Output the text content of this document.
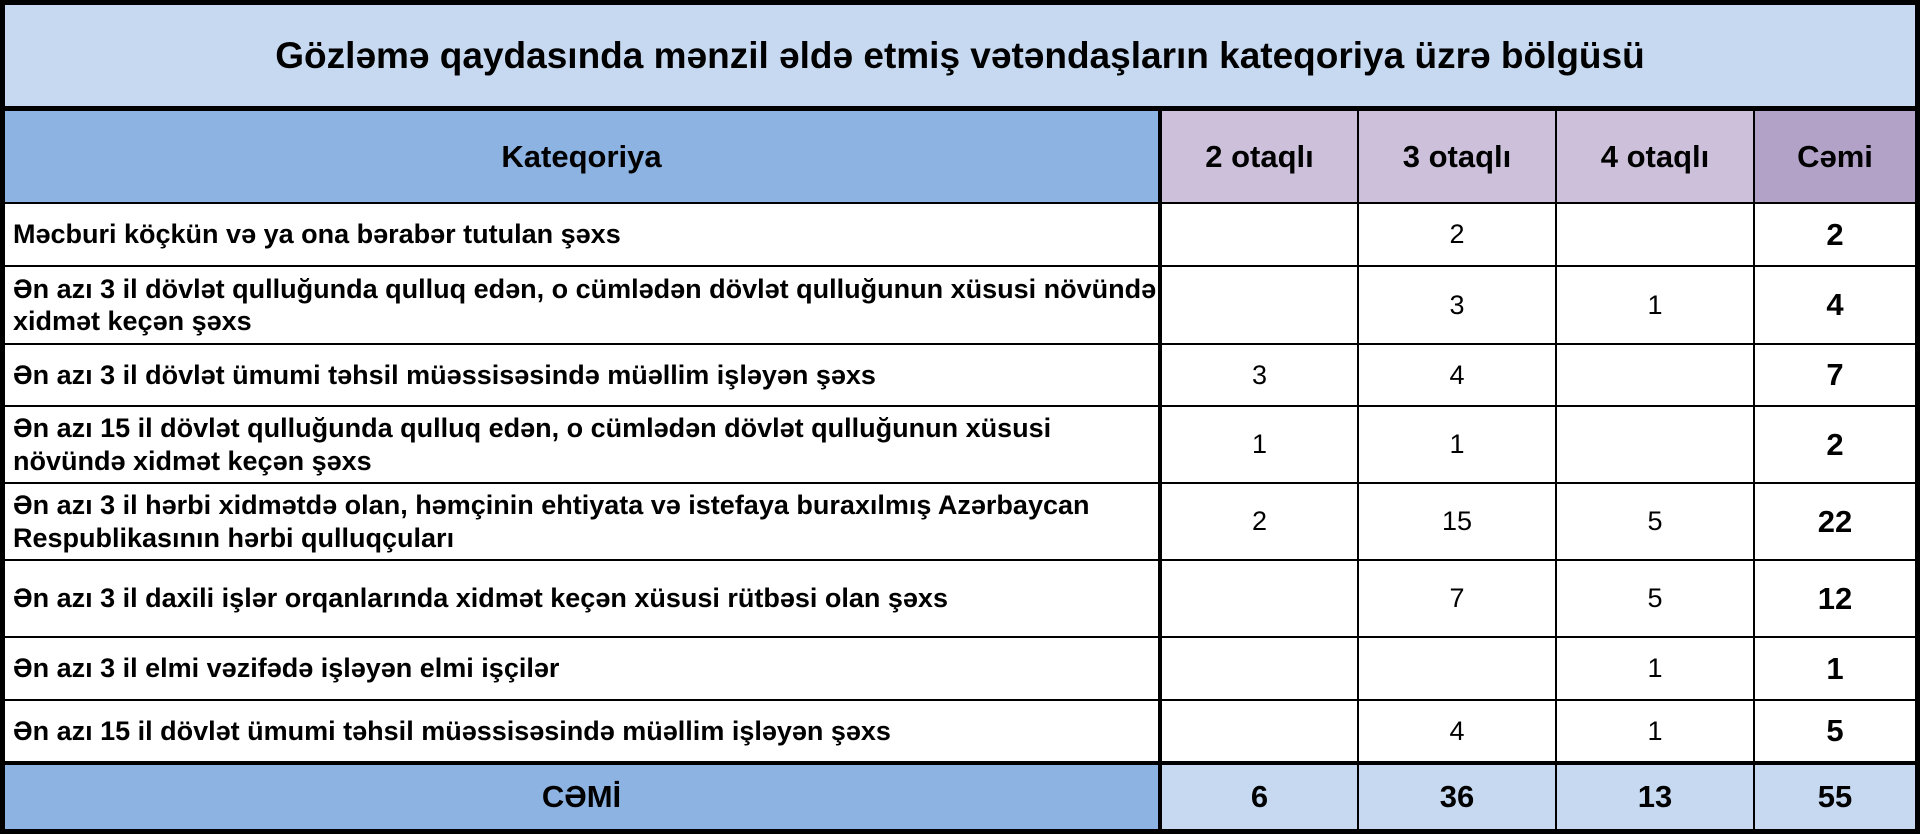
Gözləmə qaydasında mənzil əldə etmiş vətəndaşların kateqoriya üzrə bölgüsü
Kateqoriya	2 otaqlı	3 otaqlı	4 otaqlı	Cəmi
Məcburi köçkün və ya ona bərabər tutulan şəxs		2		2
Ən azı 3 il dövlət qulluğunda qulluq edən, o cümlədən dövlət qulluğunun xüsusi növündə xidmət keçən şəxs		3	1	4
Ən azı 3 il dövlət ümumi təhsil müəssisəsində müəllim işləyən şəxs	3	4		7
Ən azı 15 il dövlət qulluğunda qulluq edən, o cümlədən dövlət qulluğunun xüsusi növündə xidmət keçən şəxs	1	1		2
Ən azı 3 il hərbi xidmətdə olan, həmçinin ehtiyata və istefaya buraxılmış Azərbaycan Respublikasının hərbi qulluqçuları	2	15	5	22
Ən azı 3 il daxili işlər orqanlarında xidmət keçən xüsusi rütbəsi olan şəxs		7	5	12
Ən azı 3 il elmi vəzifədə işləyən elmi işçilər			1	1
Ən azı 15 il dövlət ümumi təhsil müəssisəsində müəllim işləyən şəxs		4	1	5
CƏMİ	6	36	13	55
